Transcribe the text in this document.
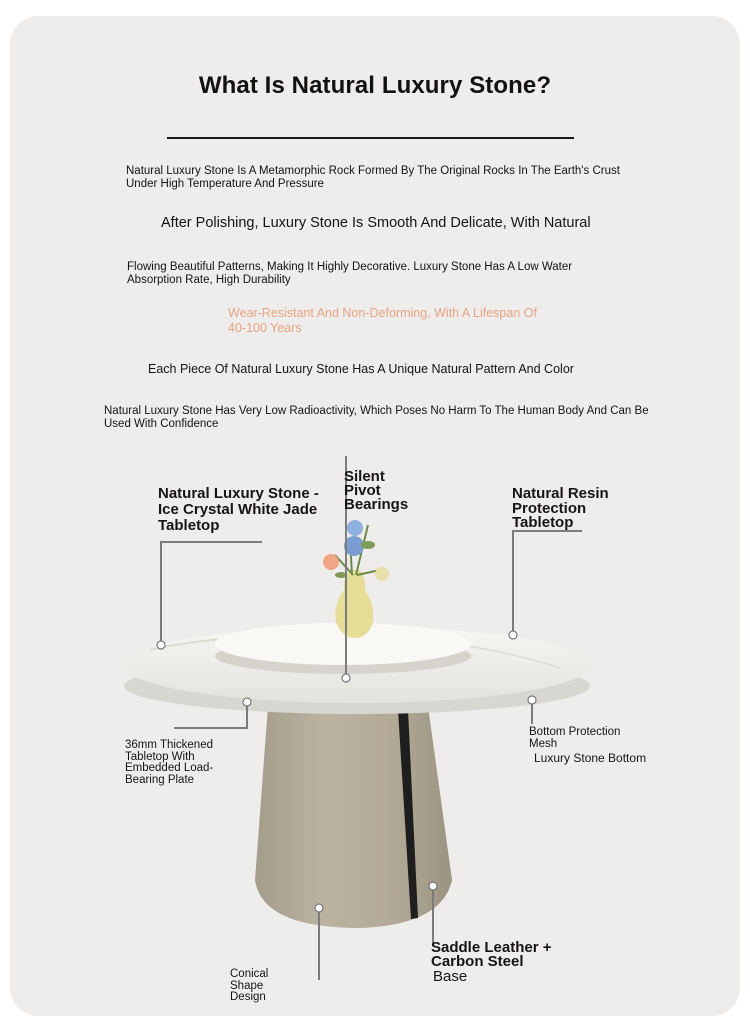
What Is Natural Luxury Stone?
Natural Luxury Stone Is A Metamorphic Rock Formed By The Original Rocks In The Earth's Crust Under High Temperature And Pressure
After Polishing, Luxury Stone Is Smooth And Delicate, With Natural
Flowing Beautiful Patterns, Making It Highly Decorative. Luxury Stone Has A Low Water Absorption Rate, High Durability
Wear-Resistant And Non-Deforming, With A Lifespan Of 40-100 Years
Each Piece Of Natural Luxury Stone Has A Unique Natural Pattern And Color
Natural Luxury Stone Has Very Low Radioactivity, Which Poses No Harm To The Human Body And Can Be Used With Confidence
Natural Luxury Stone - Ice Crystal White Jade Tabletop
Silent Pivot Bearings
Natural Resin Protection Tabletop
36mm Thickened Tabletop With Embedded Load-Bearing Plate
Bottom Protection Mesh
Luxury Stone Bottom
Saddle Leather + Carbon Steel
Base
Conical Shape Design
